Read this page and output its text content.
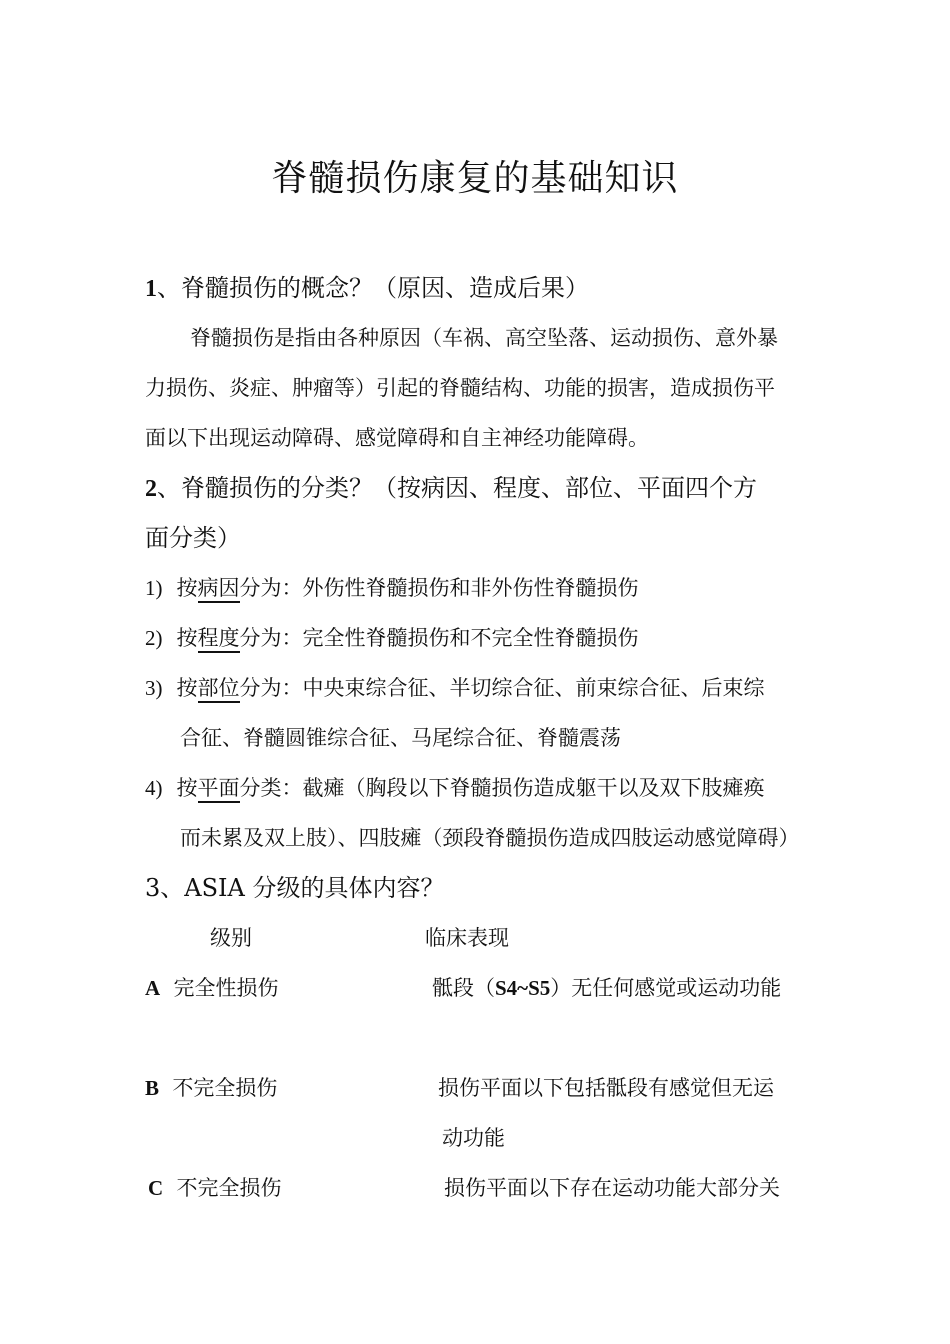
脊髓损伤康复的基础知识
1、脊髓损伤的概念？（原因、造成后果）
脊髓损伤是指由各种原因（车祸、高空坠落、运动损伤、意外暴
力损伤、炎症、肿瘤等）引起的脊髓结构、功能的损害，造成损伤平
面以下出现运动障碍、感觉障碍和自主神经功能障碍。
2、脊髓损伤的分类？（按病因、程度、部位、平面四个方
面分类）
1) 按病因分为：外伤性脊髓损伤和非外伤性脊髓损伤
2) 按程度分为：完全性脊髓损伤和不完全性脊髓损伤
3) 按部位分为：中央束综合征、半切综合征、前束综合征、后束综
合征、脊髓圆锥综合征、马尾综合征、脊髓震荡
4) 按平面分类：截瘫（胸段以下脊髓损伤造成躯干以及双下肢瘫痪
而未累及双上肢）、四肢瘫（颈段脊髓损伤造成四肢运动感觉障碍）
3、ASIA 分级的具体内容？
级别	临床表现
A 完全性损伤	骶段（S4~S5）无任何感觉或运动功能
B 不完全损伤	损伤平面以下包括骶段有感觉但无运
动功能
C 不完全损伤	损伤平面以下存在运动功能大部分关
